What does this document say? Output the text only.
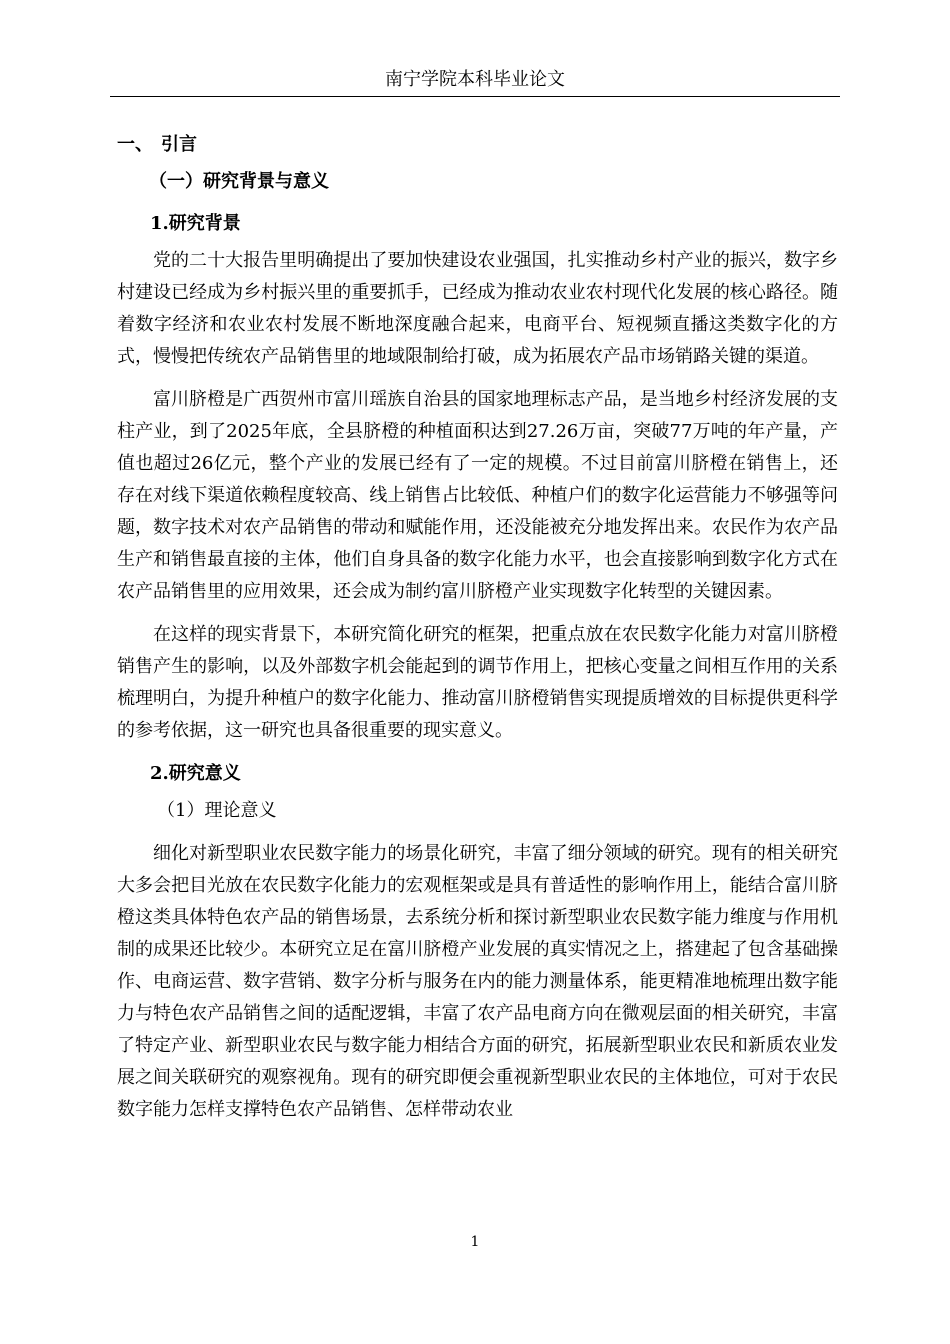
南宁学院本科毕业论文
一、 引言
（一）研究背景与意义
1.研究背景

党的二十大报告里明确提出了要加快建设农业强国，扎实推动乡村产业的振兴，数字乡村建设已经成为乡村振兴里的重要抓手，已经成为推动农业农村现代化发展的核心路径。随着数字经济和农业农村发展不断地深度融合起来，电商平台、短视频直播这类数字化的方式，慢慢把传统农产品销售里的地域限制给打破，成为拓展农产品市场销路关键的渠道。

富川脐橙是广西贺州市富川瑶族自治县的国家地理标志产品，是当地乡村经济发展的支柱产业，到了2025年底，全县脐橙的种植面积达到27.26万亩，突破77万吨的年产量，产值也超过26亿元，整个产业的发展已经有了一定的规模。不过目前富川脐橙在销售上，还存在对线下渠道依赖程度较高、线上销售占比较低、种植户们的数字化运营能力不够强等问题，数字技术对农产品销售的带动和赋能作用，还没能被充分地发挥出来。农民作为农产品生产和销售最直接的主体，他们自身具备的数字化能力水平，也会直接影响到数字化方式在农产品销售里的应用效果，还会成为制约富川脐橙产业实现数字化转型的关键因素。

在这样的现实背景下，本研究简化研究的框架，把重点放在农民数字化能力对富川脐橙销售产生的影响，以及外部数字机会能起到的调节作用上，把核心变量之间相互作用的关系梳理明白，为提升种植户的数字化能力、推动富川脐橙销售实现提质增效的目标提供更科学的参考依据，这一研究也具备很重要的现实意义。

2.研究意义
（1）理论意义

细化对新型职业农民数字能力的场景化研究，丰富了细分领域的研究。现有的相关研究大多会把目光放在农民数字化能力的宏观框架或是具有普适性的影响作用上，能结合富川脐橙这类具体特色农产品的销售场景，去系统分析和探讨新型职业农民数字能力维度与作用机制的成果还比较少。本研究立足在富川脐橙产业发展的真实情况之上，搭建起了包含基础操作、电商运营、数字营销、数字分析与服务在内的能力测量体系，能更精准地梳理出数字能力与特色农产品销售之间的适配逻辑，丰富了农产品电商方向在微观层面的相关研究，丰富了特定产业、新型职业农民与数字能力相结合方面的研究，拓展新型职业农民和新质农业发展之间关联研究的观察视角。现有的研究即便会重视新型职业农民的主体地位，可对于农民数字能力怎样支撑特色农产品销售、怎样带动农业

1
